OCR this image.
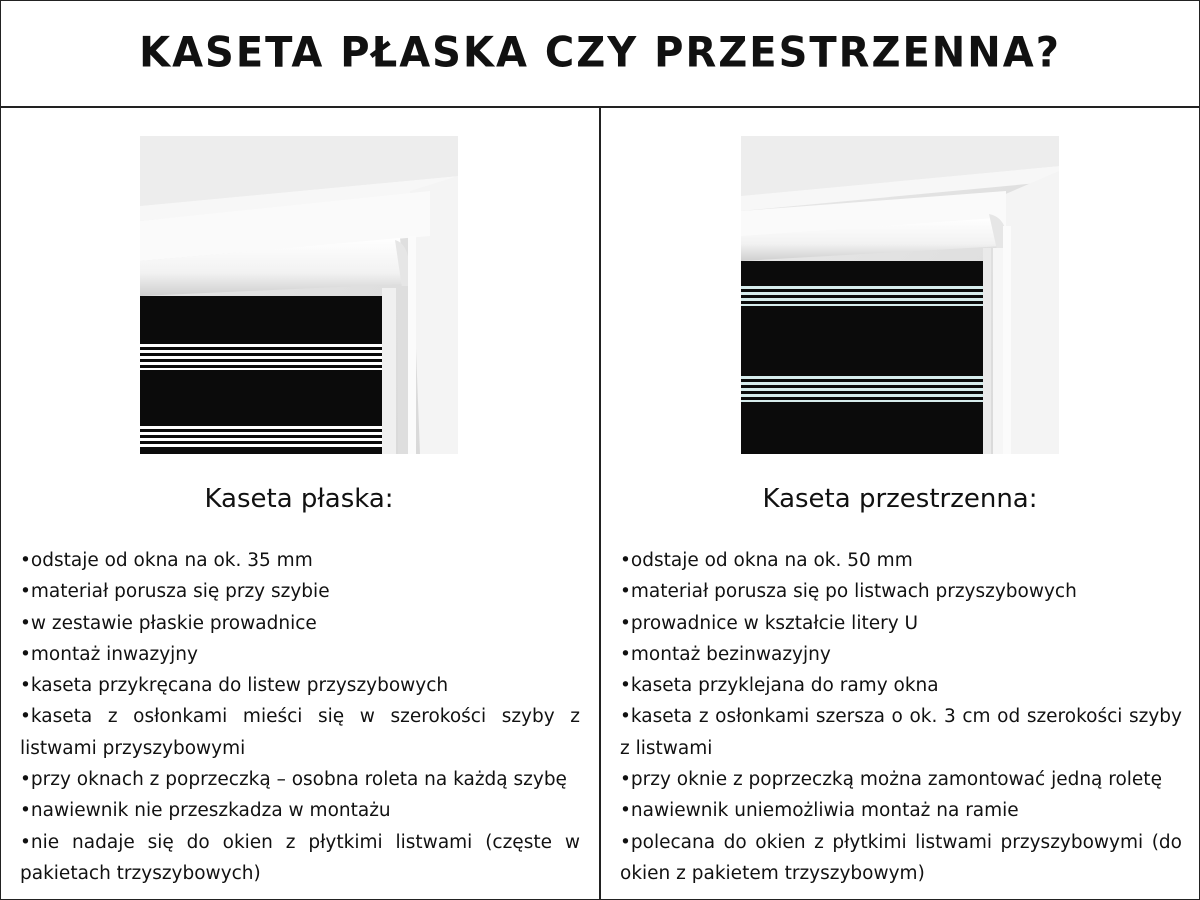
KASETA PŁASKA CZY PRZESTRZENNA?
Kaseta płaska:
•odstaje od okna na ok. 35 mm
•materiał porusza się przy szybie
•w zestawie płaskie prowadnice
•montaż inwazyjny
•kaseta przykręcana do listew przyszybowych
•kaseta z osłonkami mieści się w szerokości szyby z listwami przyszybowymi
•przy oknach z poprzeczką – osobna roleta na każdą szybę
•nawiewnik nie przeszkadza w montażu
•nie nadaje się do okien z płytkimi listwami (częste w pakietach trzyszybowych)
Kaseta przestrzenna:
•odstaje od okna na ok. 50 mm
•materiał porusza się po listwach przyszybowych
•prowadnice w kształcie litery U
•montaż bezinwazyjny
•kaseta przyklejana do ramy okna
•kaseta z osłonkami szersza o ok. 3 cm od szerokości szyby z listwami
•przy oknie z poprzeczką można zamontować jedną roletę
•nawiewnik uniemożliwia montaż na ramie
•polecana do okien z płytkimi listwami przyszybowymi (do okien z pakietem trzyszybowym)
